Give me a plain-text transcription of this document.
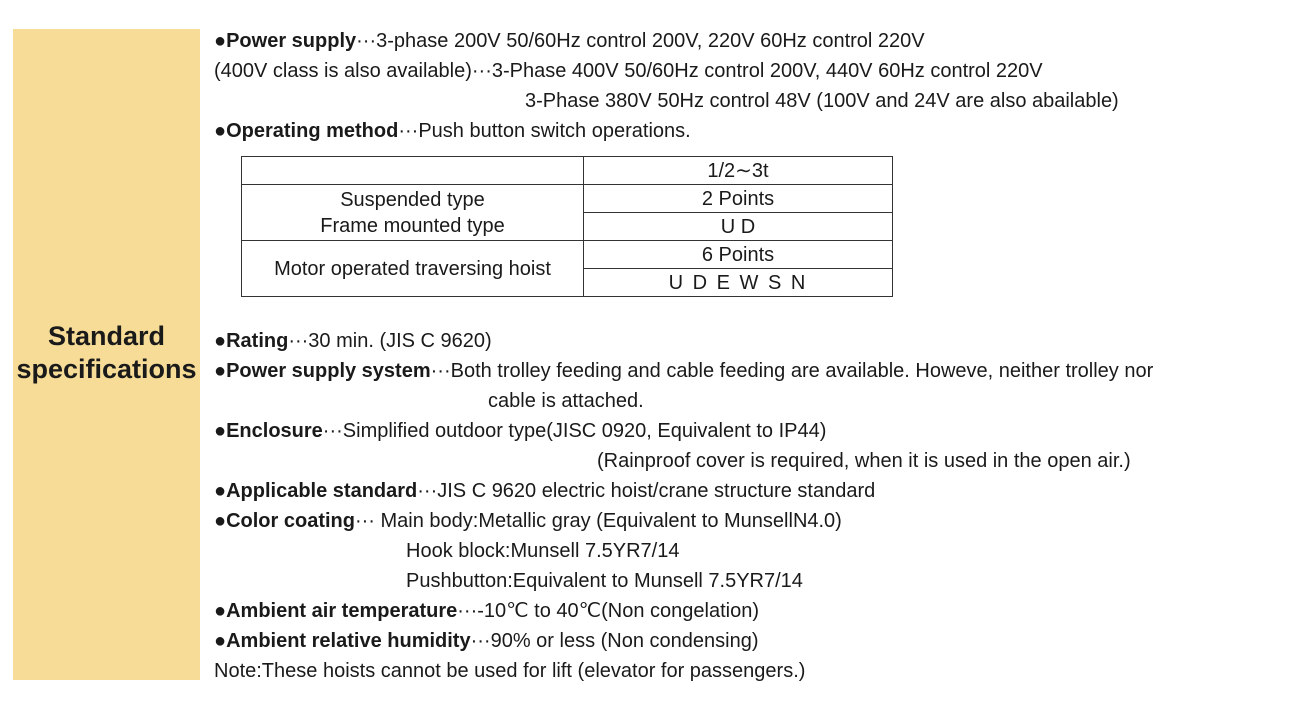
Standard
specifications
●Power supply···3-phase 200V 50/60Hz control 200V, 220V 60Hz control 220V
(400V class is also available)···3-Phase 400V 50/60Hz control 200V, 440V 60Hz control 220V
3-Phase 380V 50Hz control 48V (100V and 24V are also abailable)
●Operating method···Push button switch operations.
	1/2∼3t

Suspended type
Frame mounted type	2 Points
	U D
Motor operated traversing hoist	6 Points
	U D E W S N
●Rating···30 min. (JIS C 9620)
●Power supply system···Both trolley feeding and cable feeding are available. Howeve, neither trolley nor
cable is attached.
●Enclosure···Simplified outdoor type(JISC 0920, Equivalent to IP44)
(Rainproof cover is required, when it is used in the open air.)
●Applicable standard···JIS C 9620 electric hoist/crane structure standard
●Color coating··· Main body:Metallic gray (Equivalent to MunsellN4.0)
Hook block:Munsell 7.5YR7/14
Pushbutton:Equivalent to Munsell 7.5YR7/14
●Ambient air temperature···-10℃ to 40℃(Non congelation)
●Ambient relative humidity···90% or less (Non condensing)
Note:These hoists cannot be used for lift (elevator for passengers.)
